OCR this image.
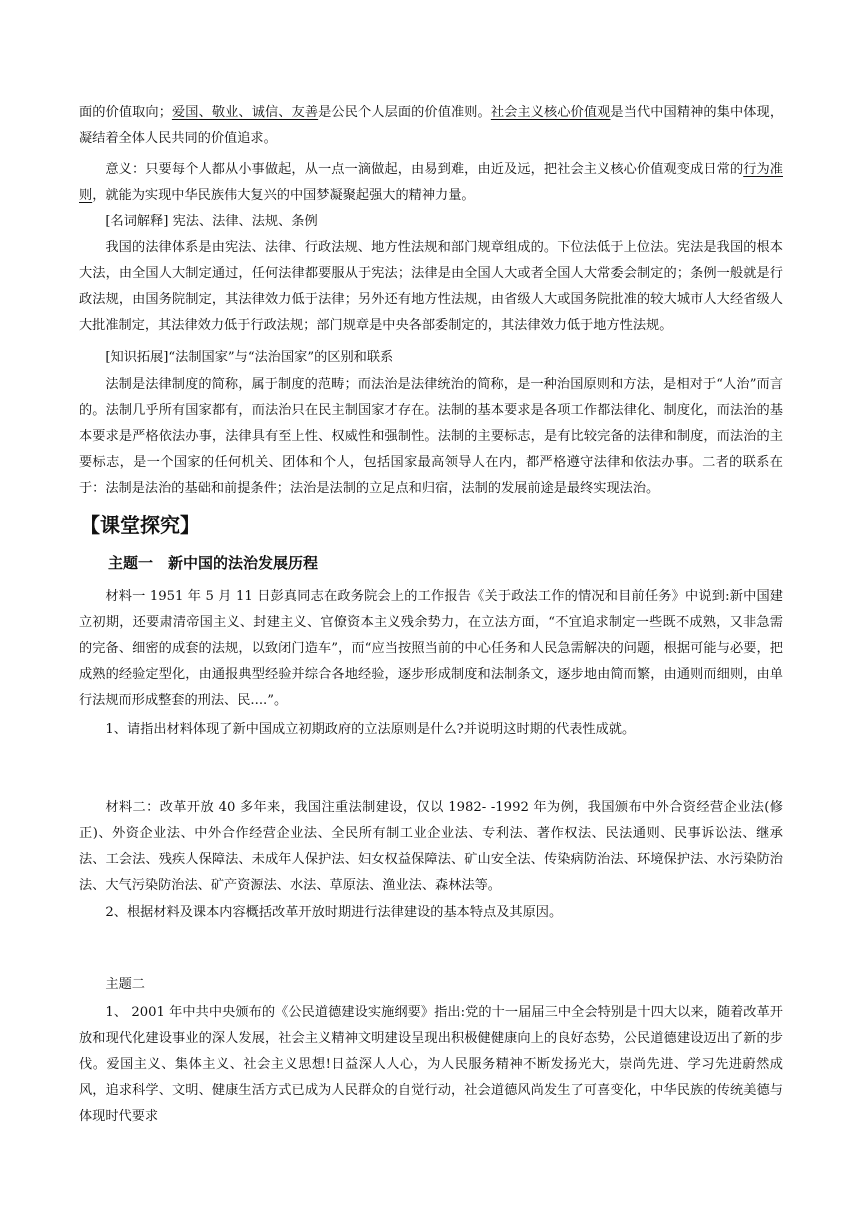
面的价值取向；爱国、敬业、诚信、友善是公民个人层面的价值准则。社会主义核心价值观是当代中国精神的集中体现，凝结着全体人民共同的价值追求。

意义：只要每个人都从小事做起，从一点一滴做起，由易到难，由近及远，把社会主义核心价值观变成日常的行为准则，就能为实现中华民族伟大复兴的中国梦凝聚起强大的精神力量。

[名词解释] 宪法、法律、法规、条例

我国的法律体系是由宪法、法律、行政法规、地方性法规和部门规章组成的。下位法低于上位法。宪法是我国的根本大法，由全国人大制定通过，任何法律都要服从于宪法；法律是由全国人大或者全国人大常委会制定的；条例一般就是行政法规，由国务院制定，其法律效力低于法律；另外还有地方性法规，由省级人大或国务院批准的较大城市人大经省级人大批准制定，其法律效力低于行政法规；部门规章是中央各部委制定的，其法律效力低于地方性法规。

[知识拓展]“法制国家”与“法治国家”的区别和联系

法制是法律制度的简称，属于制度的范畴；而法治是法律统治的简称，是一种治国原则和方法，是相对于“人治”而言的。法制几乎所有国家都有，而法治只在民主制国家才存在。法制的基本要求是各项工作都法律化、制度化，而法治的基本要求是严格依法办事，法律具有至上性、权威性和强制性。法制的主要标志，是有比较完备的法律和制度，而法治的主要标志，是一个国家的任何机关、团体和个人，包括国家最高领导人在内，都严格遵守法律和依法办事。二者的联系在于：法制是法治的基础和前提条件；法治是法制的立足点和归宿，法制的发展前途是最终实现法治。

【课堂探究】
主题一　新中国的法治发展历程

材料一 1951 年 5 月 11 日彭真同志在政务院会上的工作报告《关于政法工作的情况和目前任务》中说到:新中国建立初期，还要肃清帝国主义、封建主义、官僚资本主义残余势力，在立法方面，“不宜追求制定一些既不成熟，又非急需的完备、细密的成套的法规，以致闭门造车”，而“应当按照当前的中心任务和人民急需解决的问题，根据可能与必要，把成熟的经验定型化，由通报典型经验并综合各地经验，逐步形成制度和法制条文，逐步地由简而繁，由通则而细则，由单行法规而形成整套的刑法、民....”。

1、请指出材料体现了新中国成立初期政府的立法原则是什么?并说明这时期的代表性成就。

材料二：改革开放 40 多年来，我国注重法制建设，仅以 1982- -1992 年为例，我国颁布中外合资经营企业法(修正)、外资企业法、中外合作经营企业法、全民所有制工业企业法、专利法、著作权法、民法通则、民事诉讼法、继承法、工会法、残疾人保障法、未成年人保护法、妇女权益保障法、矿山安全法、传染病防治法、环境保护法、水污染防治法、大气污染防治法、矿产资源法、水法、草原法、渔业法、森林法等。

2、根据材料及课本内容概括改革开放时期进行法律建设的基本特点及其原因。

主题二

1、 2001 年中共中央颁布的《公民道德建设实施纲要》指出:党的十一届届三中全会特别是十四大以来，随着改革开放和现代化建设事业的深人发展，社会主义精神文明建设呈现出积极健健康向上的良好态势，公民道德建设迈出了新的步伐。爱国主义、集体主义、社会主义思想!日益深人人心，为人民服务精神不断发扬光大，崇尚先进、学习先进蔚然成风，追求科学、文明、健康生活方式已成为人民群众的自觉行动，社会道德风尚发生了可喜变化，中华民族的传统美德与体现时代要求
